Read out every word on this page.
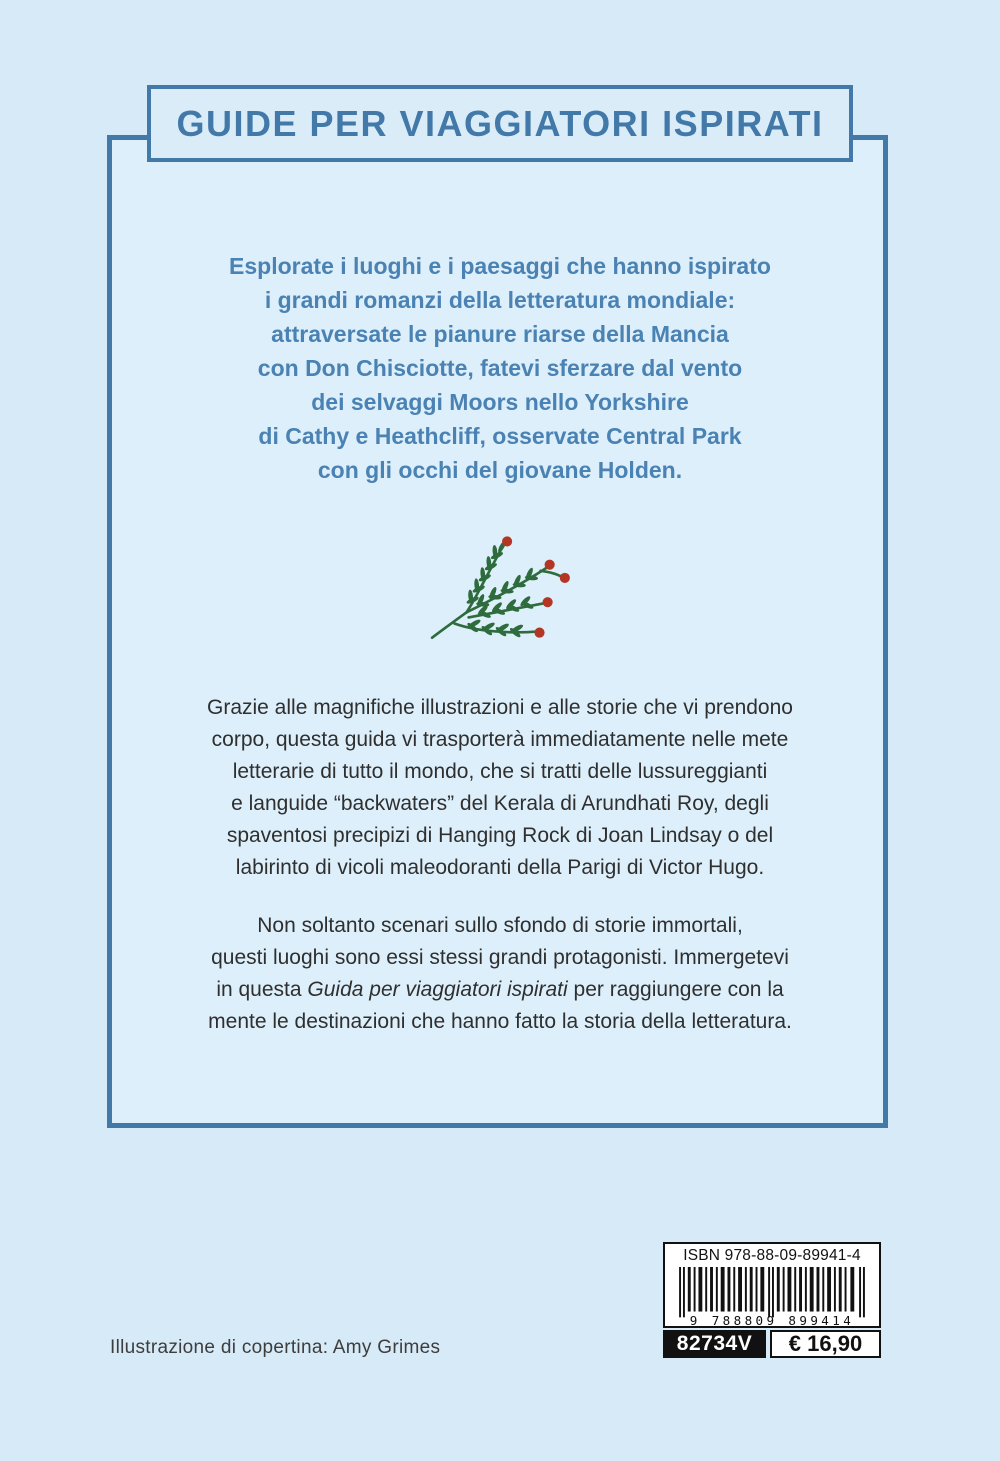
GUIDE PER VIAGGIATORI ISPIRATI
Esplorate i luoghi e i paesaggi che hanno ispirato
i grandi romanzi della letteratura mondiale:
attraversate le pianure riarse della Mancia
con Don Chisciotte, fatevi sferzare dal vento
dei selvaggi Moors nello Yorkshire
di Cathy e Heathcliff, osservate Central Park
con gli occhi del giovane Holden.
Grazie alle magnifiche illustrazioni e alle storie che vi prendono
corpo, questa guida vi trasporterà immediatamente nelle mete
letterarie di tutto il mondo, che si tratti delle lussureggianti
e languide “backwaters” del Kerala di Arundhati Roy, degli
spaventosi precipizi di Hanging Rock di Joan Lindsay o del
labirinto di vicoli maleodoranti della Parigi di Victor Hugo.
Non soltanto scenari sullo sfondo di storie immortali,
questi luoghi sono essi stessi grandi protagonisti. Immergetevi
in questa Guida per viaggiatori ispirati per raggiungere con la
mente le destinazioni che hanno fatto la storia della letteratura.
Illustrazione di copertina: Amy Grimes
ISBN 978-88-09-89941-4
9 788809 899414
82734V	€ 16,90
